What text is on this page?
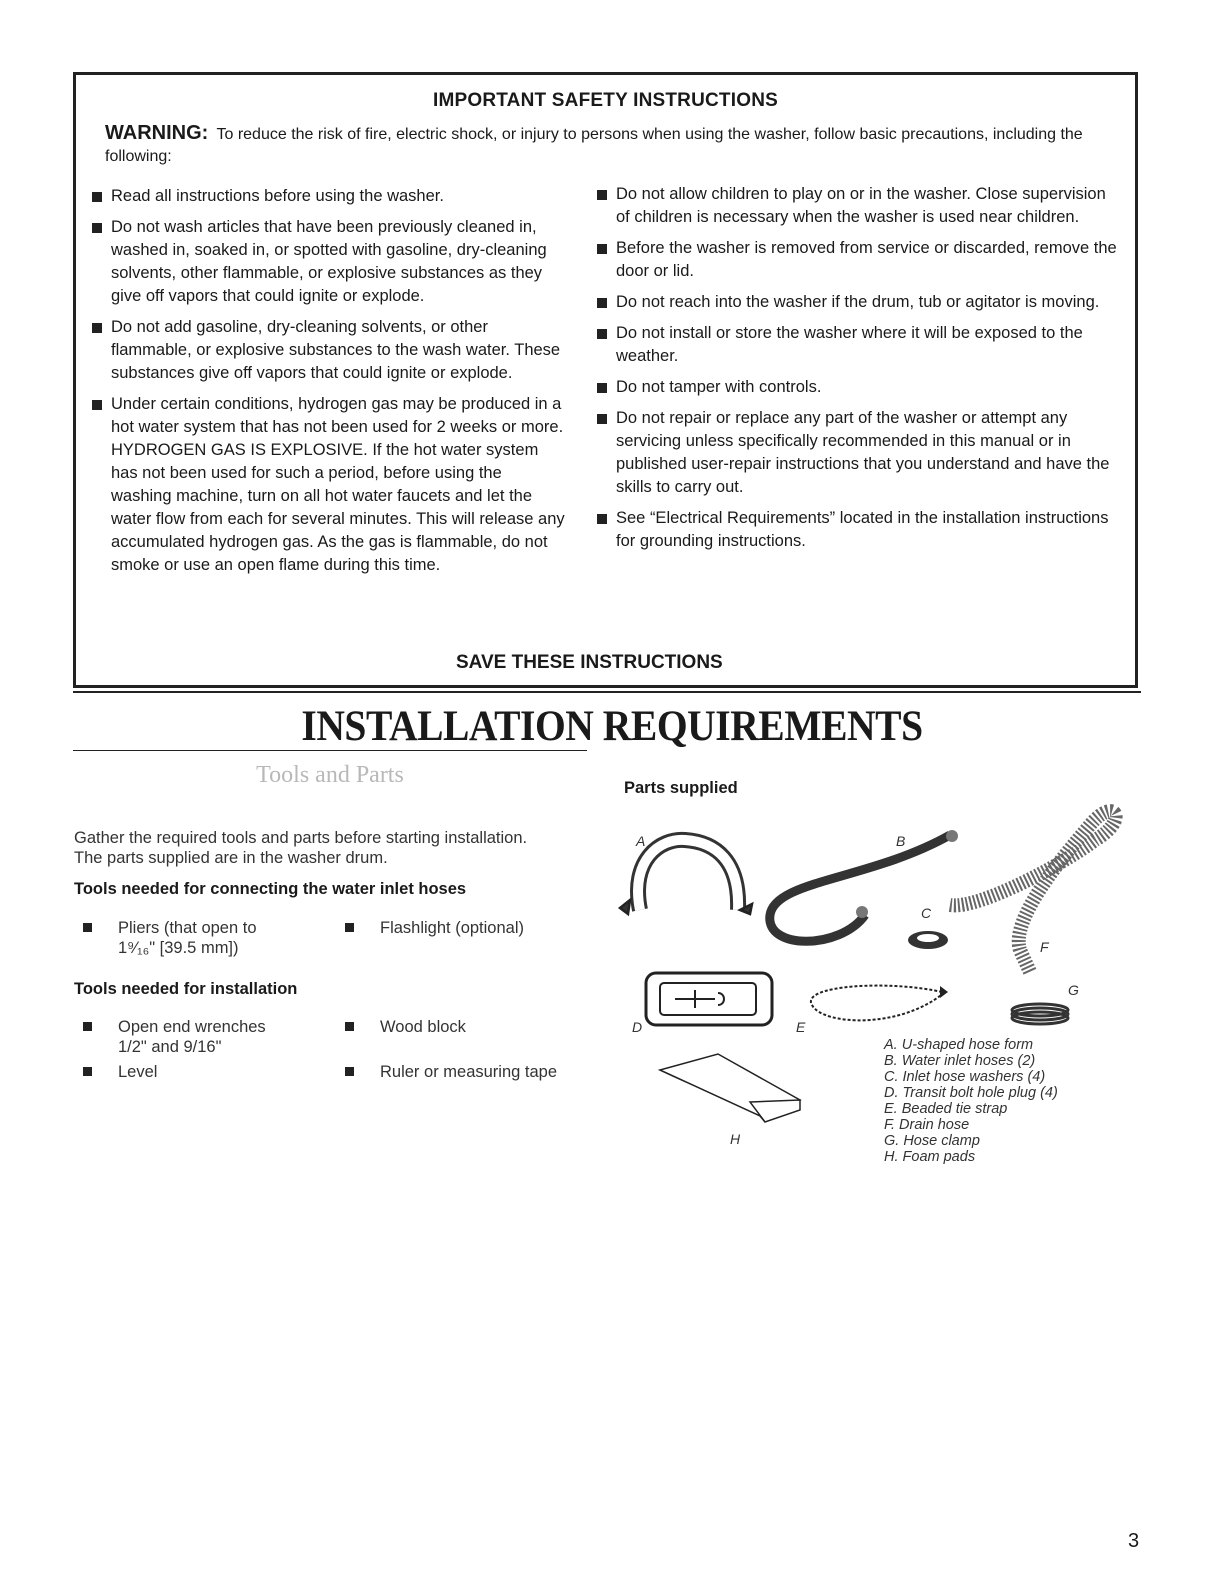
IMPORTANT SAFETY INSTRUCTIONS
WARNING: To reduce the risk of fire, electric shock, or injury to persons when using the washer, follow basic precautions, including the following:
Read all instructions before using the washer.
Do not wash articles that have been previously cleaned in, washed in, soaked in, or spotted with gasoline, dry-cleaning solvents, other flammable, or explosive substances as they give off vapors that could ignite or explode.
Do not add gasoline, dry-cleaning solvents, or other flammable, or explosive substances to the wash water. These substances give off vapors that could ignite or explode.
Under certain conditions, hydrogen gas may be produced in a hot water system that has not been used for 2 weeks or more. HYDROGEN GAS IS EXPLOSIVE. If the hot water system has not been used for such a period, before using the washing machine, turn on all hot water faucets and let the water flow from each for several minutes. This will release any accumulated hydrogen gas. As the gas is flammable, do not smoke or use an open flame during this time.
Do not allow children to play on or in the washer. Close supervision of children is necessary when the washer is used near children.
Before the washer is removed from service or discarded, remove the door or lid.
Do not reach into the washer if the drum, tub or agitator is moving.
Do not install or store the washer where it will be exposed to the weather.
Do not tamper with controls.
Do not repair or replace any part of the washer or attempt any servicing unless specifically recommended in this manual or in published user-repair instructions that you understand and have the skills to carry out.
See “Electrical Requirements” located in the installation instructions for grounding instructions.
SAVE THESE INSTRUCTIONS
INSTALLATION REQUIREMENTS
Tools and Parts
Gather the required tools and parts before starting installation.
The parts supplied are in the washer drum.
Tools needed for connecting the water inlet hoses
Pliers (that open to
1⁹⁄₁₆" [39.5 mm])
Flashlight (optional)
Tools needed for installation
Open end wrenches
1/2" and 9/16"
Wood block
Level	Ruler or measuring tape
Parts supplied
A	B
C
D	E
F
G
H
A. U-shaped hose form
B. Water inlet hoses (2)
C. Inlet hose washers (4)
D. Transit bolt hole plug (4)
E. Beaded tie strap
F. Drain hose
G. Hose clamp
H. Foam pads
3
